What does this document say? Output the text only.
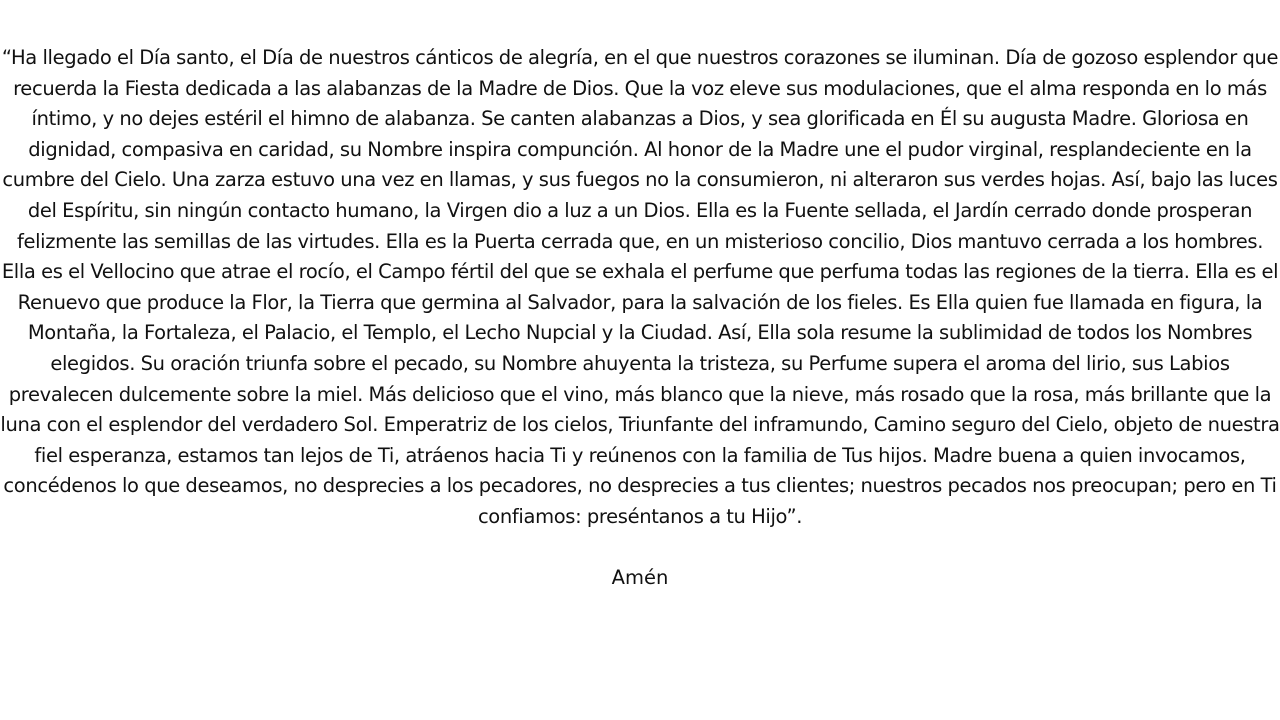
“Ha llegado el Día santo, el Día de nuestros cánticos de alegría, en el que nuestros corazones se iluminan. Día de gozoso esplendor que recuerda la Fiesta dedicada a las alabanzas de la Madre de Dios. Que la voz eleve sus modulaciones, que el alma responda en lo más íntimo, y no dejes estéril el himno de alabanza. Se canten alabanzas a Dios, y sea glorificada en Él su augusta Madre. Gloriosa en dignidad, compasiva en caridad, su Nombre inspira compunción. Al honor de la Madre une el pudor virginal, resplandeciente en la cumbre del Cielo. Una zarza estuvo una vez en llamas, y sus fuegos no la consumieron, ni alteraron sus verdes hojas. Así, bajo las luces del Espíritu, sin ningún contacto humano, la Virgen dio a luz a un Dios. Ella es la Fuente sellada, el Jardín cerrado donde prosperan felizmente las semillas de las virtudes. Ella es la Puerta cerrada que, en un misterioso concilio, Dios mantuvo cerrada a los hombres. Ella es el Vellocino que atrae el rocío, el Campo fértil del que se exhala el perfume que perfuma todas las regiones de la tierra. Ella es el Renuevo que produce la Flor, la Tierra que germina al Salvador, para la salvación de los fieles. Es Ella quien fue llamada en figura, la Montaña, la Fortaleza, el Palacio, el Templo, el Lecho Nupcial y la Ciudad. Así, Ella sola resume la sublimidad de todos los Nombres elegidos. Su oración triunfa sobre el pecado, su Nombre ahuyenta la tristeza, su Perfume supera el aroma del lirio, sus Labios prevalecen dulcemente sobre la miel. Más delicioso que el vino, más blanco que la nieve, más rosado que la rosa, más brillante que la luna con el esplendor del verdadero Sol. Emperatriz de los cielos, Triunfante del inframundo, Camino seguro del Cielo, objeto de nuestra fiel esperanza, estamos tan lejos de Ti, atráenos hacia Ti y reúnenos con la familia de Tus hijos. Madre buena a quien invocamos, concédenos lo que deseamos, no desprecies a los pecadores, no desprecies a tus clientes; nuestros pecados nos preocupan; pero en Ti confiamos: preséntanos a tu Hijo”.

Amén
